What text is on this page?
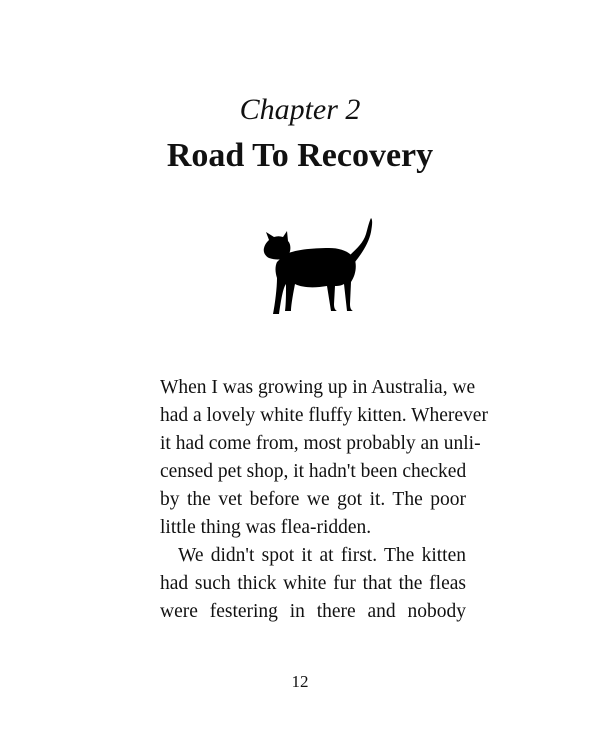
Chapter 2
Road To Recovery
When I was growing up in Australia, we
had a lovely white fluffy kitten. Wherever
it had come from, most probably an unli-
censed pet shop, it hadn't been checked
by the vet before we got it. The poor
little thing was flea-ridden.
We didn't spot it at first. The kitten
had such thick white fur that the fleas
were festering in there and nobody
12
